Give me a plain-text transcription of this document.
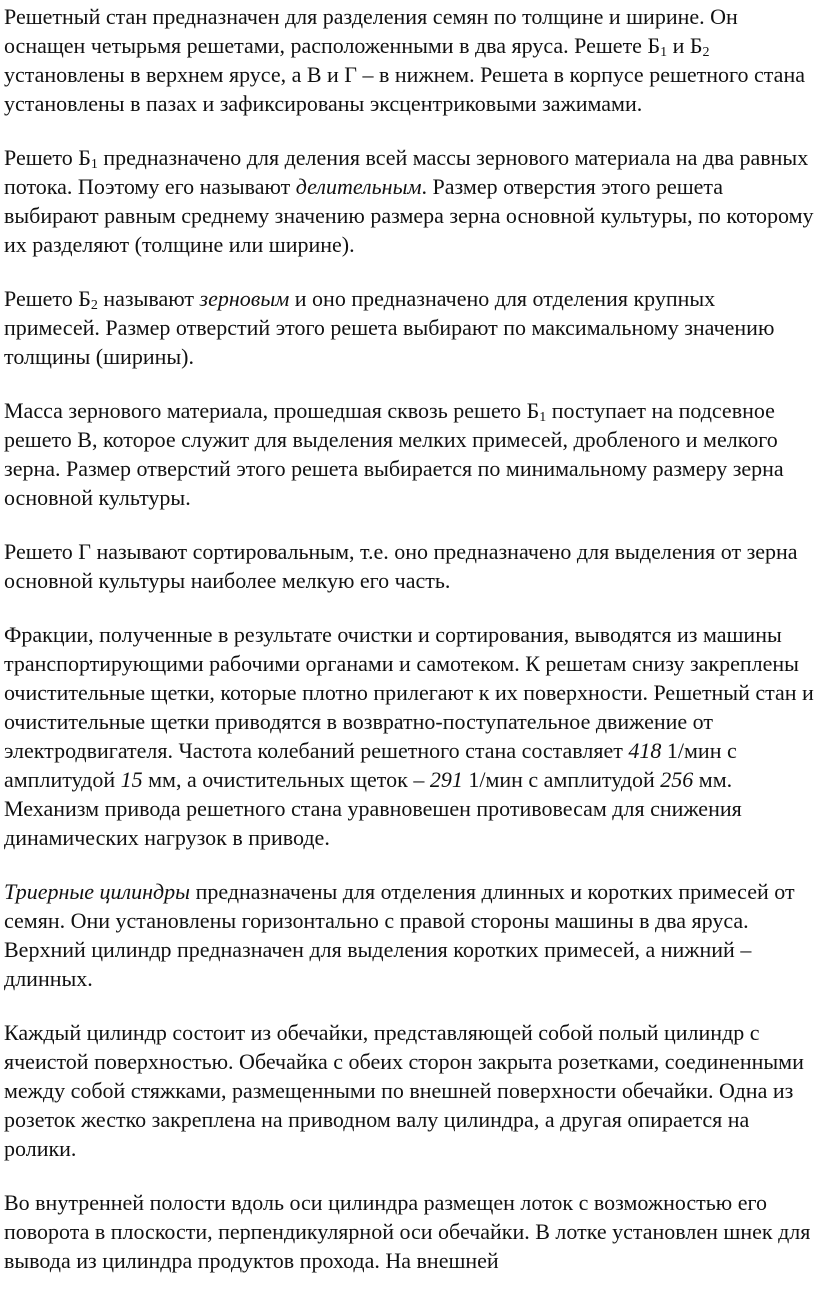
Решетный стан предназначен для разделения семян по толщине и ширине. Он оснащен четырьмя решетами, расположенными в два яруса. Решете $Б_1$ и $Б_2$ установлены в верхнем ярусе, а В и Г – в нижнем. Решета в корпусе решетного стана установлены в пазах и зафиксированы эксцентриковыми зажимами.

Решето $Б_1$ предназначено для деления всей массы зернового материала на два равных потока. Поэтому его называют делительным. Размер отверстия этого решета выбирают равным среднему значению размера зерна основной культуры, по которому их разделяют (толщине или ширине).

Решето $Б_2$ называют зерновым и оно предназначено для отделения крупных примесей. Размер отверстий этого решета выбирают по максимальному значению толщины (ширины).

Масса зернового материала, прошедшая сквозь решето $Б_1$ поступает на подсевное решето В, которое служит для выделения мелких примесей, дробленого и мелкого зерна. Размер отверстий этого решета выбирается по минимальному размеру зерна основной культуры.

Решето Г называют сортировальным, т.е. оно предназначено для выделения от зерна основной культуры наиболее мелкую его часть.

Фракции, полученные в результате очистки и сортирования, выводятся из машины транспортирующими рабочими органами и самотеком. К решетам снизу закреплены очистительные щетки, которые плотно прилегают к их поверхности. Решетный стан и очистительные щетки приводятся в возвратно-поступательное движение от электродвигателя. Частота колебаний решетного стана составляет 418 1/мин с амплитудой 15 мм, а очистительных щеток – 291 1/мин с амплитудой 256 мм. Механизм привода решетного стана уравновешен противовесам для снижения динамических нагрузок в приводе.

Триерные цилиндры предназначены для отделения длинных и коротких примесей от семян. Они установлены горизонтально с правой стороны машины в два яруса. Верхний цилиндр предназначен для выделения коротких примесей, а нижний – длинных.

Каждый цилиндр состоит из обечайки, представляющей собой полый цилиндр с ячеистой поверхностью. Обечайка с обеих сторон закрыта розетками, соединенными между собой стяжками, размещенными по внешней поверхности обечайки. Одна из розеток жестко закреплена на приводном валу цилиндра, а другая опирается на ролики.

Во внутренней полости вдоль оси цилиндра размещен лоток с возможностью его поворота в плоскости, перпендикулярной оси обечайки. В лотке установлен шнек для вывода из цилиндра продуктов прохода. На внешней
